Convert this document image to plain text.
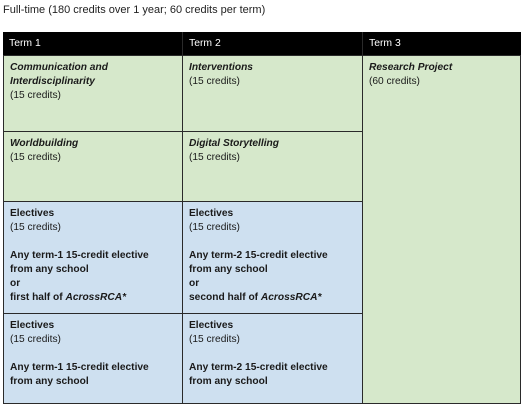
Full-time (180 credits over 1 year; 60 credits per term)
Term 1	Term 2	Term 3
Communication and
Interdisciplinarity
(15 credits)
Interventions
(15 credits)
Research Project
(60 credits)
Worldbuilding
(15 credits)
Digital Storytelling
(15 credits)
Electives
(15 credits)
Any term-1 15-credit elective
from any school
or
first half of AcrossRCA*
Electives
(15 credits)
Any term-2 15-credit elective
from any school
or
second half of AcrossRCA*
Electives
(15 credits)
Any term-1 15-credit elective
from any school
Electives
(15 credits)
Any term-2 15-credit elective
from any school
